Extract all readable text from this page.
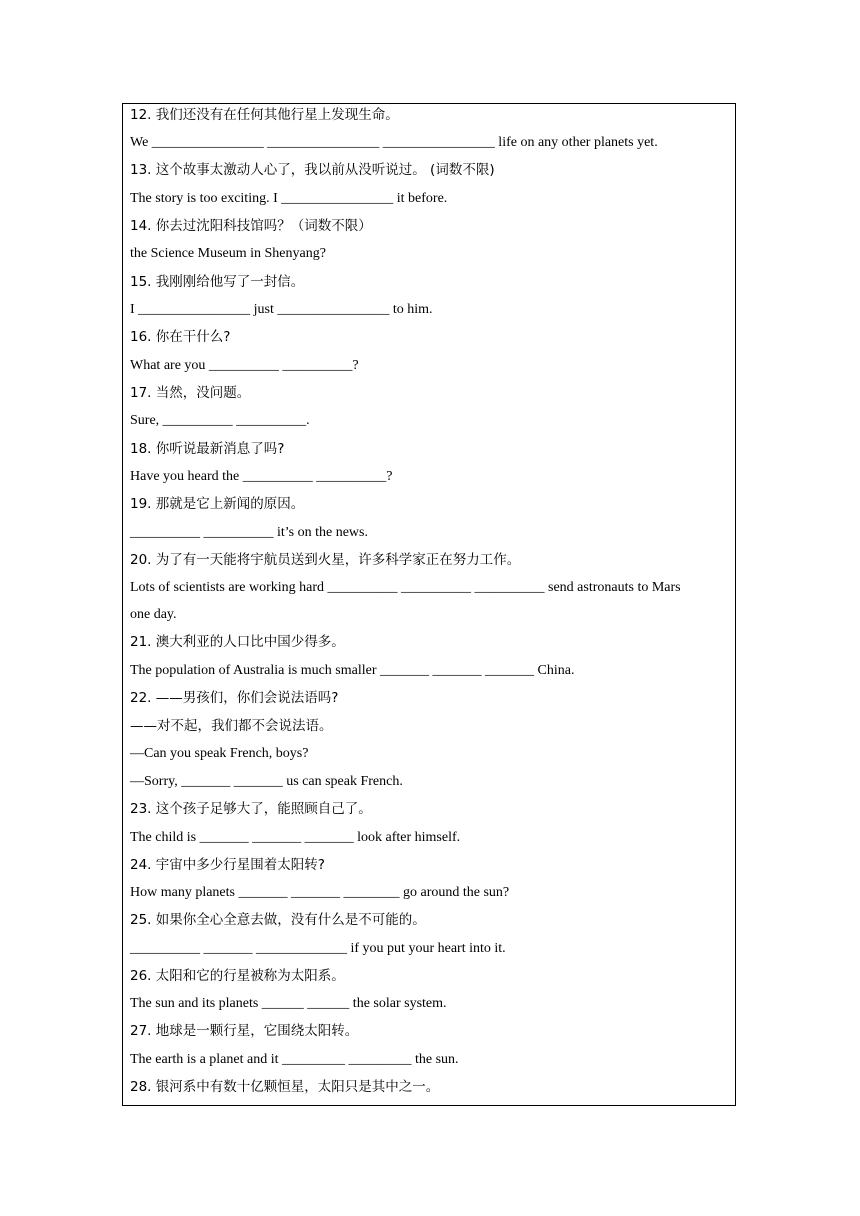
12. 我们还没有在任何其他行星上发现生命。
We ________________ ________________ ________________ life on any other planets yet.
13. 这个故事太激动人心了，我以前从没听说过。 (词数不限)
The story is too exciting. I ________________ it before.
14. 你去过沈阳科技馆吗？（词数不限）
the Science Museum in Shenyang?
15. 我刚刚给他写了一封信。
I ________________ just ________________ to him.
16. 你在干什么?
What are you __________ __________?
17. 当然，没问题。
Sure, __________ __________.
18. 你听说最新消息了吗?
Have you heard the __________ __________?
19. 那就是它上新闻的原因。
__________ __________ it’s on the news.
20. 为了有一天能将宇航员送到火星，许多科学家正在努力工作。
Lots of scientists are working hard __________ __________ __________ send astronauts to Mars
one day.
21. 澳大利亚的人口比中国少得多。
The population of Australia is much smaller _______ _______ _______ China.
22. ——男孩们，你们会说法语吗?
——对不起，我们都不会说法语。
—Can you speak French, boys?
—Sorry, _______ _______ us can speak French.
23. 这个孩子足够大了，能照顾自己了。
The child is _______ _______ _______ look after himself.
24. 宇宙中多少行星围着太阳转?
How many planets _______ _______ ________ go around the sun?
25. 如果你全心全意去做，没有什么是不可能的。
__________ _______ _____________ if you put your heart into it.
26. 太阳和它的行星被称为太阳系。
The sun and its planets ______ ______ the solar system.
27. 地球是一颗行星，它围绕太阳转。
The earth is a planet and it _________ _________ the sun.
28. 银河系中有数十亿颗恒星，太阳只是其中之一。
